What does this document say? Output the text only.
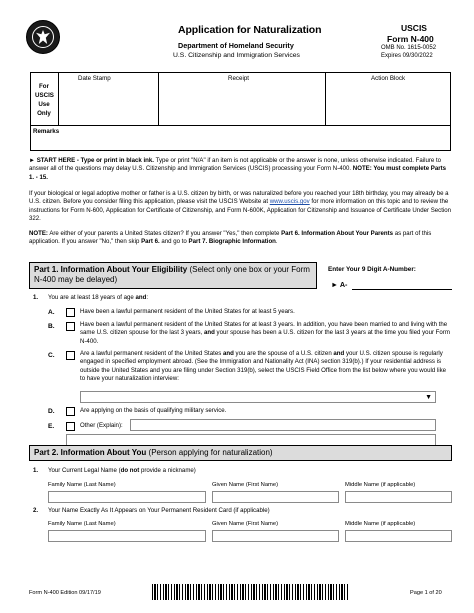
Application for Naturalization
Department of Homeland Security
U.S. Citizenship and Immigration Services
USCIS
Form N-400
OMB No. 1615-0052
Expires 09/30/2022
For
USCIS
Use
Only
Date Stamp	Receipt	Action Block
Remarks
► START HERE - Type or print in black ink. Type or print "N/A" if an item is not applicable or the answer is none, unless otherwise indicated. Failure to answer all of the questions may delay U.S. Citizenship and Immigration Services (USCIS) processing your Form N-400. NOTE: You must complete Parts 1. - 15.
If your biological or legal adoptive mother or father is a U.S. citizen by birth, or was naturalized before you reached your 18th birthday, you may already be a U.S. citizen. Before you consider filing this application, please visit the USCIS Website at www.uscis.gov for more information on this topic and to review the instructions for Form N-600, Application for Certificate of Citizenship, and Form N-600K, Application for Citizenship and Issuance of Certificate Under Section 322.
NOTE: Are either of your parents a United States citizen? If you answer "Yes," then complete Part 6. Information About Your Parents as part of this application. If you answer "No," then skip Part 6. and go to Part 7. Biographic Information.
Part 1. Information About Your Eligibility (Select only one box or your Form N-400 may be delayed)
Enter Your 9 Digit A-Number:
► A-
1. You are at least 18 years of age and:
A.	Have been a lawful permanent resident of the United States for at least 5 years.
B.	Have been a lawful permanent resident of the United States for at least 3 years. In addition, you have been married to and living with the same U.S. citizen spouse for the last 3 years, and your spouse has been a U.S. citizen for the last 3 years at the time you filed your Form N-400.
C.	Are a lawful permanent resident of the United States and you are the spouse of a U.S. citizen and your U.S. citizen spouse is regularly engaged in specified employment abroad. (See the Immigration and Nationality Act (INA) section 319(b).) If your residential address is outside the United States and you are filing under Section 319(b), select the USCIS Field Office from the list below where you would like to have your naturalization interview:
▼
D.	Are applying on the basis of qualifying military service.
E.	Other (Explain):
Part 2. Information About You (Person applying for naturalization)
1. Your Current Legal Name (do not provide a nickname)
Family Name (Last Name)	Given Name (First Name)	Middle Name (if applicable)
2. Your Name Exactly As It Appears on Your Permanent Resident Card (if applicable)
Family Name (Last Name)	Given Name (First Name)	Middle Name (if applicable)
Form N-400 Edition 09/17/19	Page 1 of 20
